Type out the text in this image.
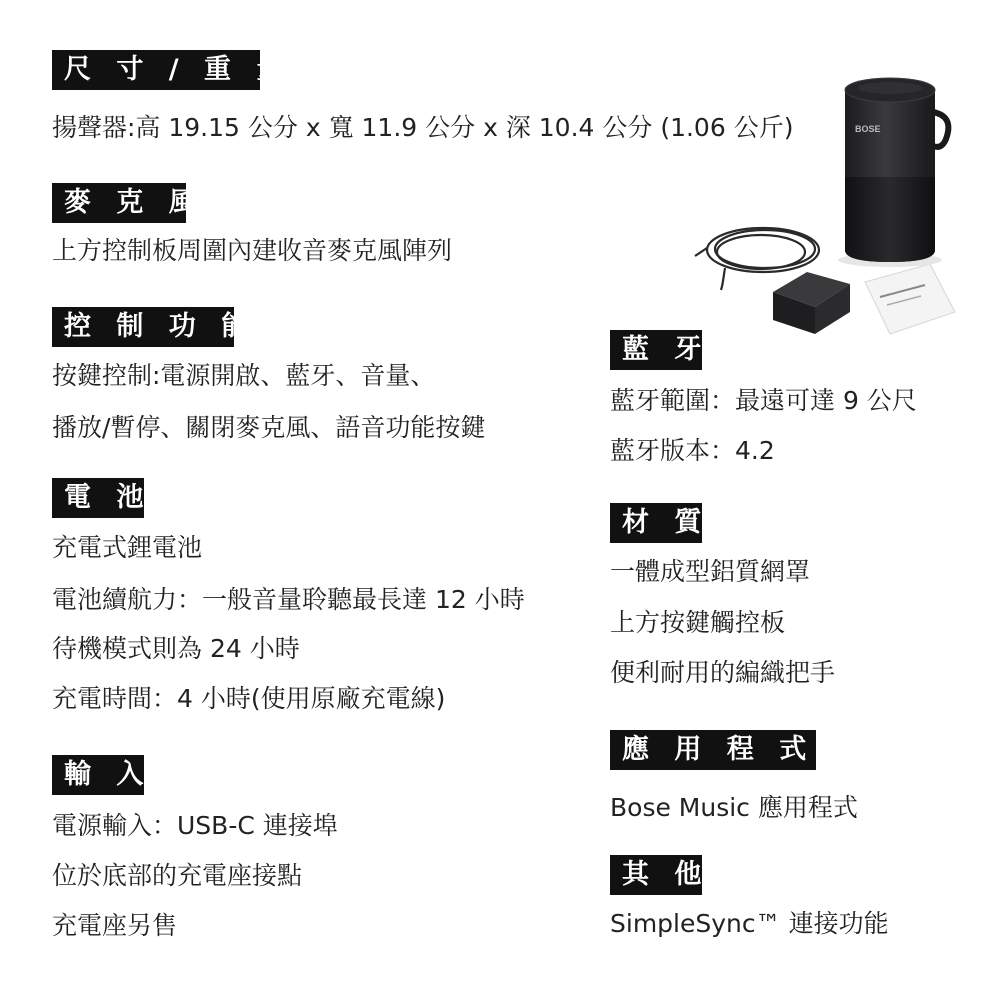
尺 寸 / 重 量
揚聲器:高 19.15 公分 x 寬 11.9 公分 x 深 10.4 公分 (1.06 公斤)
麥 克 風
上方控制板周圍內建收音麥克風陣列
控 制 功 能
按鍵控制:電源開啟、藍牙、音量、
播放/暫停、關閉麥克風、語音功能按鍵
電 池
充電式鋰電池
電池續航力：一般音量聆聽最長達 12 小時
待機模式則為 24 小時
充電時間：4 小時(使用原廠充電線)
輸 入
電源輸入：USB-C 連接埠
位於底部的充電座接點
充電座另售
藍 牙
藍牙範圍：最遠可達 9 公尺
藍牙版本：4.2
材 質
一體成型鋁質網罩
上方按鍵觸控板
便利耐用的編織把手
應 用 程 式
Bose Music 應用程式
其 他
SimpleSync™ 連接功能
BOSE
